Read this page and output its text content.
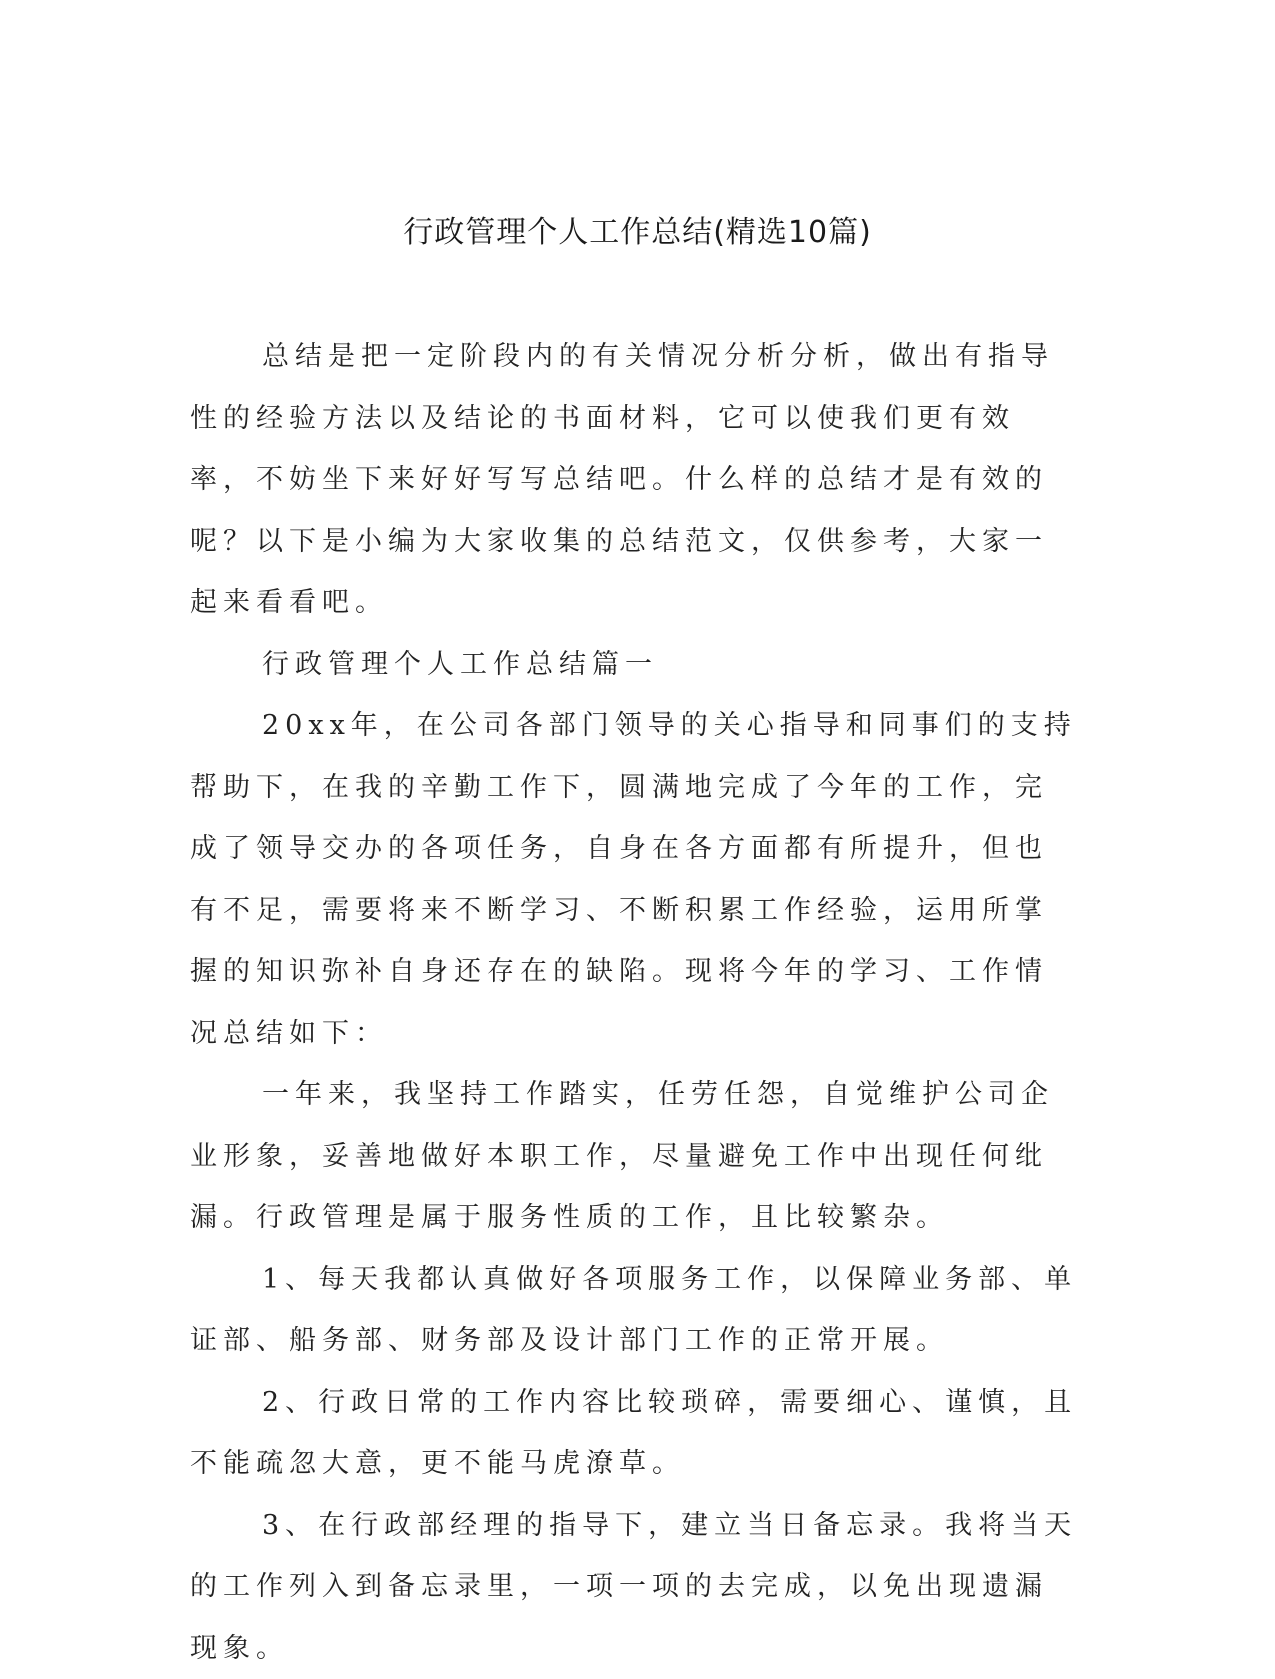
行政管理个人工作总结(精选10篇)

总结是把一定阶段内的有关情况分析分析，做出有指导性的经验方法以及结论的书面材料，它可以使我们更有效率，不妨坐下来好好写写总结吧。什么样的总结才是有效的呢？以下是小编为大家收集的总结范文，仅供参考，大家一起来看看吧。

行政管理个人工作总结篇一

20xx年，在公司各部门领导的关心指导和同事们的支持帮助下，在我的辛勤工作下，圆满地完成了今年的工作，完成了领导交办的各项任务，自身在各方面都有所提升，但也有不足，需要将来不断学习、不断积累工作经验，运用所掌握的知识弥补自身还存在的缺陷。现将今年的学习、工作情况总结如下：

一年来，我坚持工作踏实，任劳任怨，自觉维护公司企业形象，妥善地做好本职工作，尽量避免工作中出现任何纰漏。行政管理是属于服务性质的工作，且比较繁杂。

1、每天我都认真做好各项服务工作，以保障业务部、单证部、船务部、财务部及设计部门工作的正常开展。

2、行政日常的工作内容比较琐碎，需要细心、谨慎，且不能疏忽大意，更不能马虎潦草。

3、在行政部经理的指导下，建立当日备忘录。我将当天的工作列入到备忘录里，一项一项的去完成，以免出现遗漏现象。
